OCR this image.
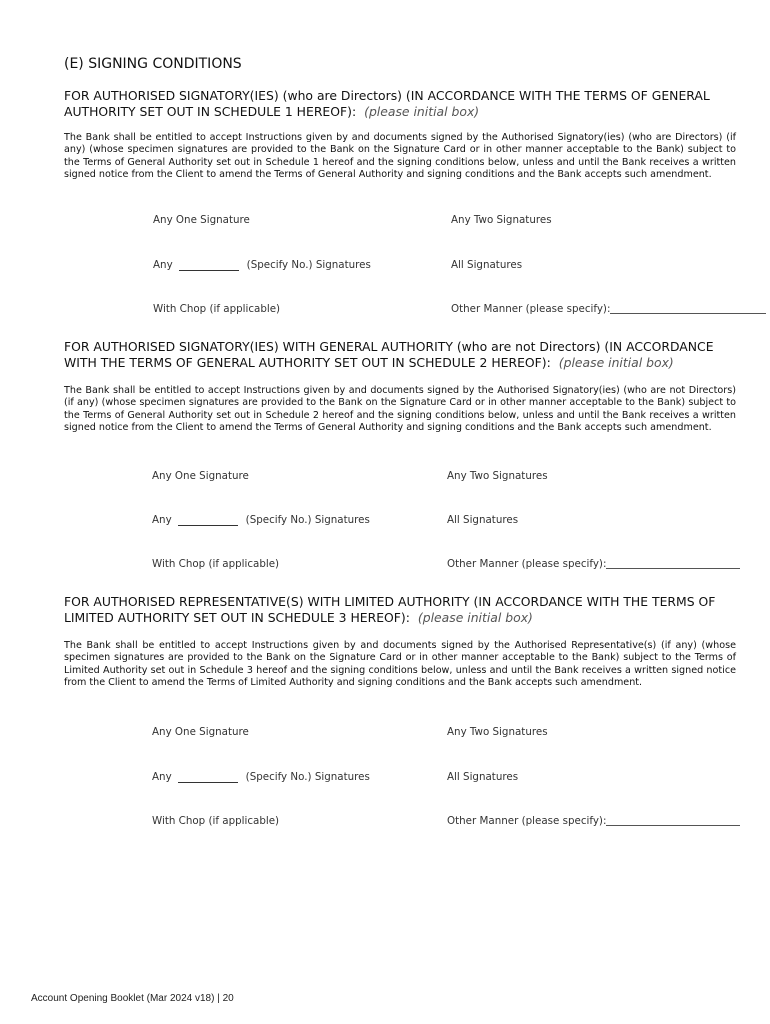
(E) SIGNING CONDITIONS

FOR AUTHORISED SIGNATORY(IES) (who are Directors) (IN ACCORDANCE WITH THE TERMS OF GENERAL AUTHORITY SET OUT IN SCHEDULE 1 HEREOF): (please initial box)

The Bank shall be entitled to accept Instructions given by and documents signed by the Authorised Signatory(ies) (who are Directors) (if any) (whose specimen signatures are provided to the Bank on the Signature Card or in other manner acceptable to the Bank) subject to the Terms of General Authority set out in Schedule 1 hereof and the signing conditions below, unless and until the Bank receives a written signed notice from the Client to amend the Terms of General Authority and signing conditions and the Bank accepts such amendment.

Any One Signature	Any Two Signatures
Any	(Specify No.) Signatures	All Signatures
With Chop (if applicable)	Other Manner (please specify):

FOR AUTHORISED SIGNATORY(IES) WITH GENERAL AUTHORITY (who are not Directors) (IN ACCORDANCE WITH THE TERMS OF GENERAL AUTHORITY SET OUT IN SCHEDULE 2 HEREOF): (please initial box)

The Bank shall be entitled to accept Instructions given by and documents signed by the Authorised Signatory(ies) (who are not Directors) (if any) (whose specimen signatures are provided to the Bank on the Signature Card or in other manner acceptable to the Bank) subject to the Terms of General Authority set out in Schedule 2 hereof and the signing conditions below, unless and until the Bank receives a written signed notice from the Client to amend the Terms of General Authority and signing conditions and the Bank accepts such amendment.

Any One Signature	Any Two Signatures
Any	(Specify No.) Signatures	All Signatures
With Chop (if applicable)	Other Manner (please specify):

FOR AUTHORISED REPRESENTATIVE(S) WITH LIMITED AUTHORITY (IN ACCORDANCE WITH THE TERMS OF LIMITED AUTHORITY SET OUT IN SCHEDULE 3 HEREOF): (please initial box)

The Bank shall be entitled to accept Instructions given by and documents signed by the Authorised Representative(s) (if any) (whose specimen signatures are provided to the Bank on the Signature Card or in other manner acceptable to the Bank) subject to the Terms of Limited Authority set out in Schedule 3 hereof and the signing conditions below, unless and until the Bank receives a written signed notice from the Client to amend the Terms of Limited Authority and signing conditions and the Bank accepts such amendment.

Any One Signature	Any Two Signatures
Any	(Specify No.) Signatures	All Signatures
With Chop (if applicable)	Other Manner (please specify):
Account Opening Booklet (Mar 2024 v18) | 20
